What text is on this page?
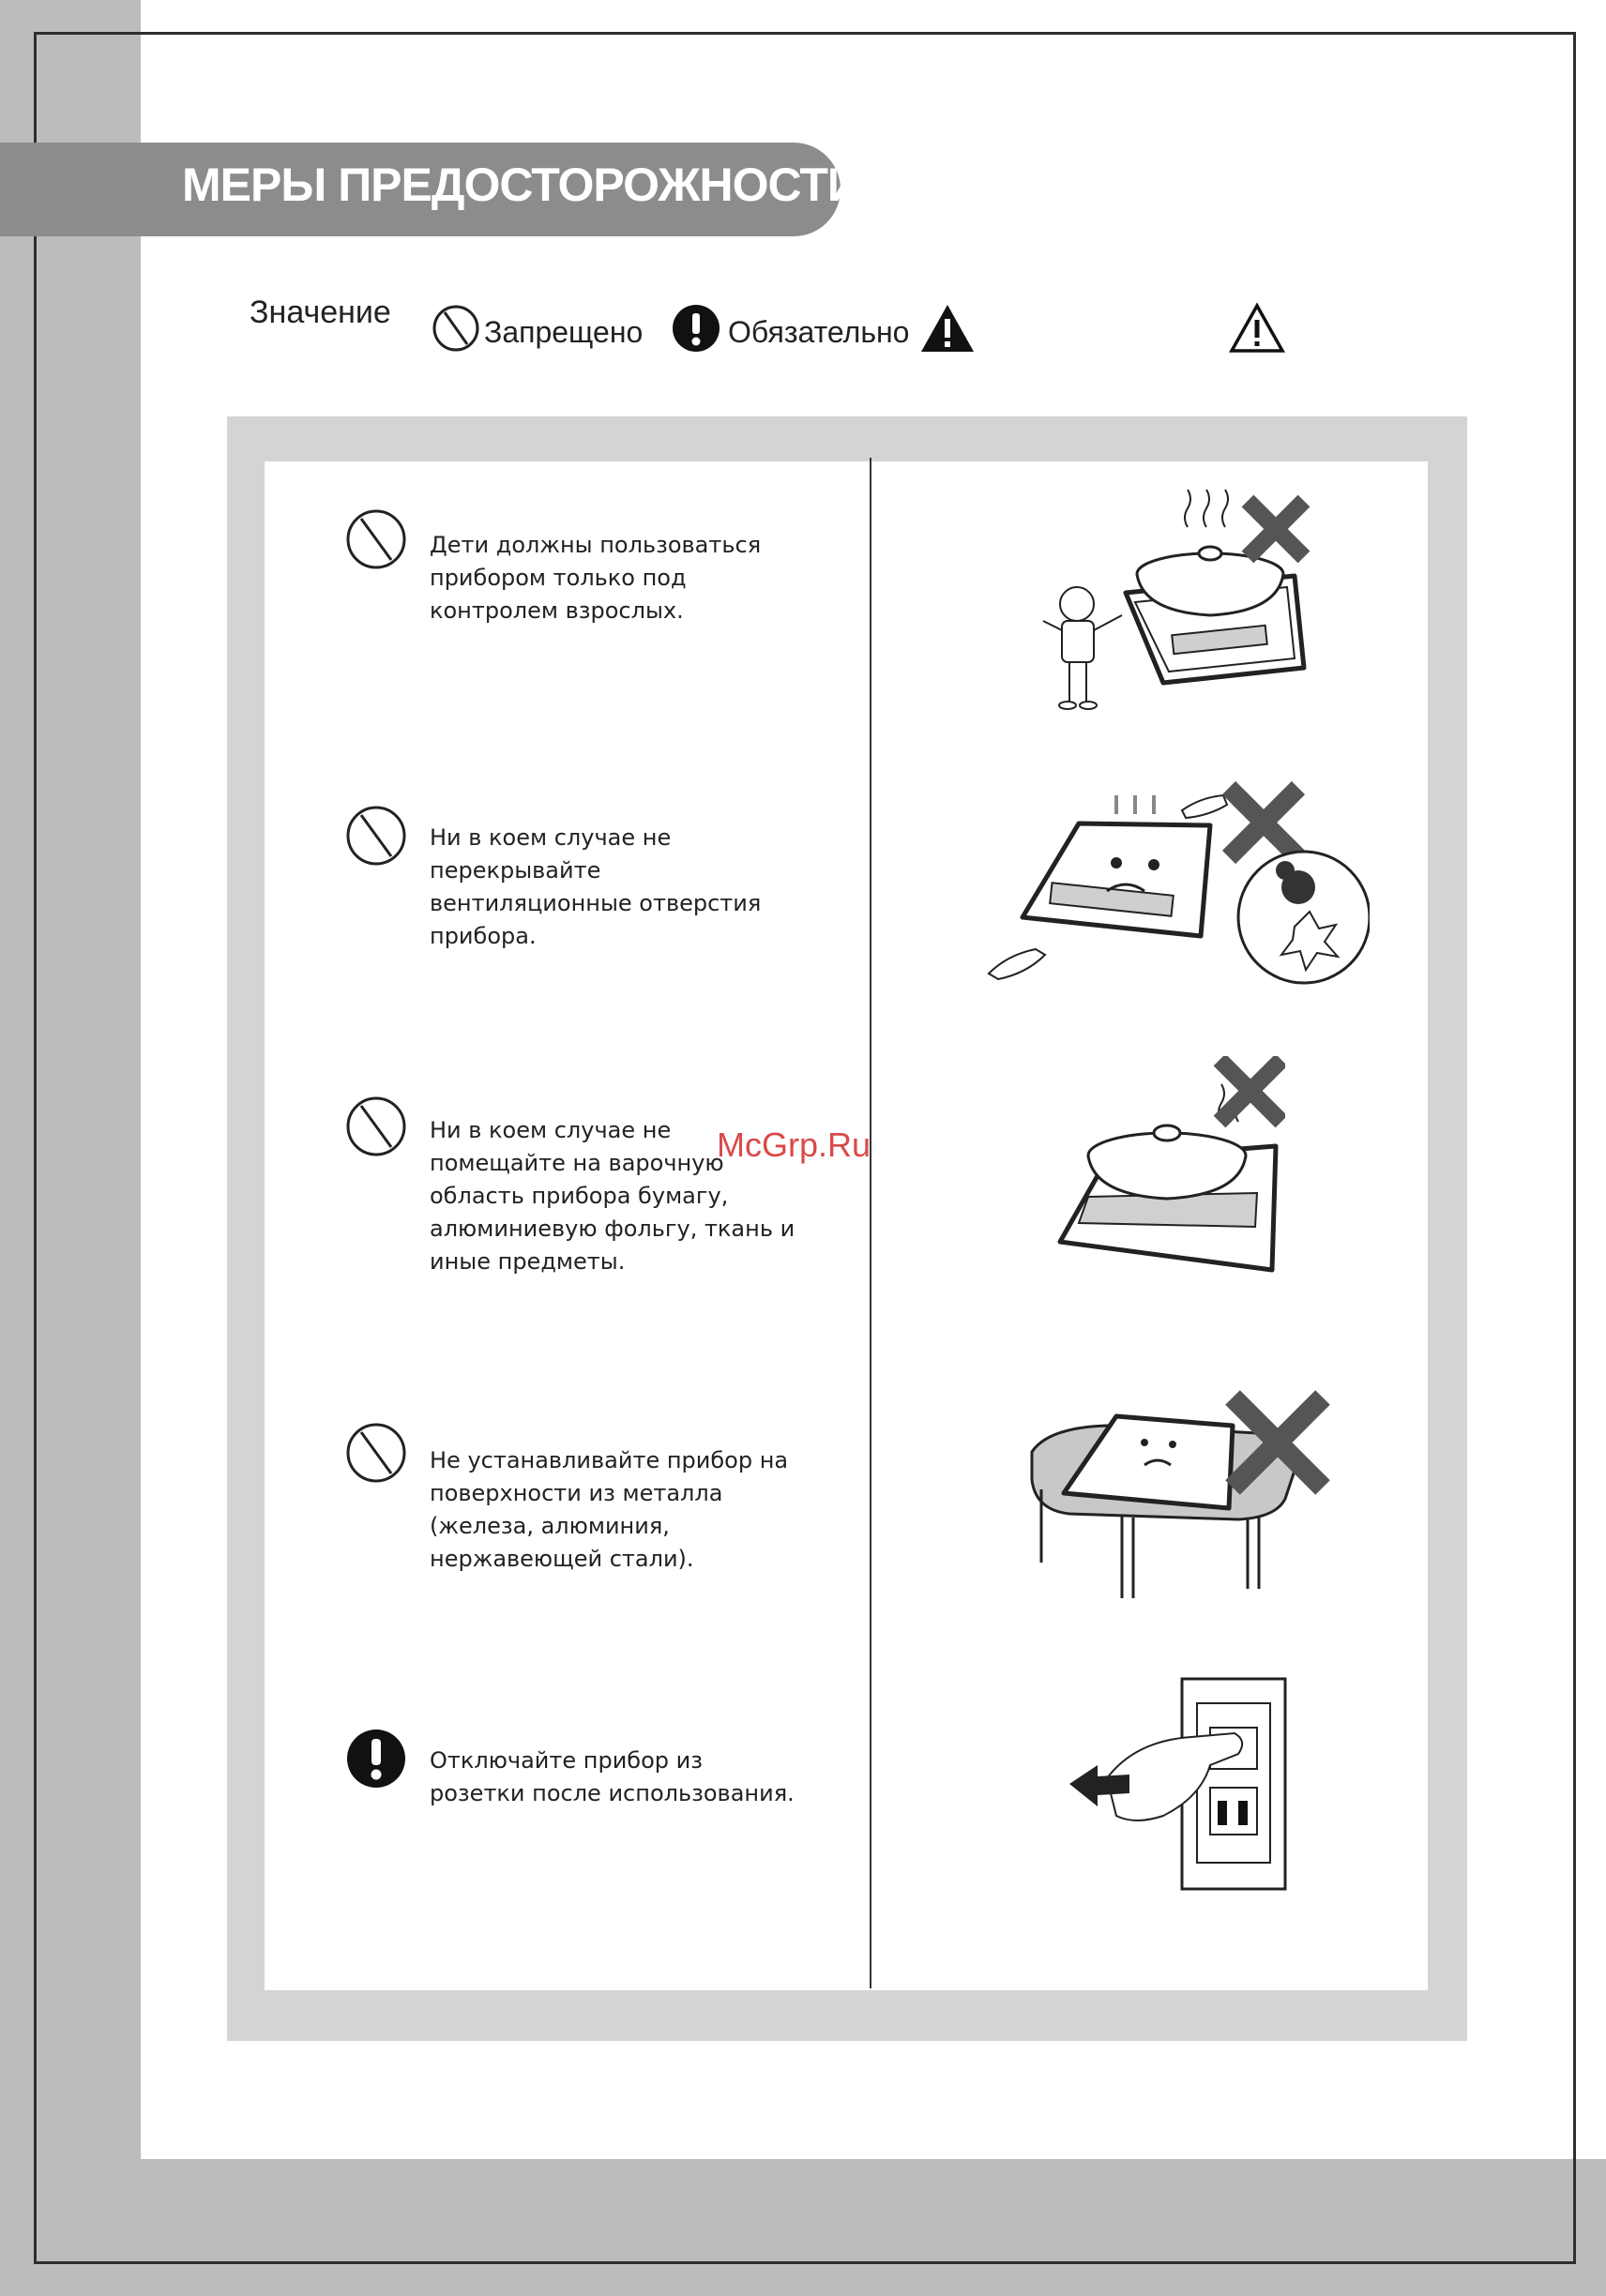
МЕРЫ ПРЕДОСТОРОЖНОСТИ
Значение
Запрещено	Обязательно
Дети должны пользоваться прибором только под контролем взрослых.
Ни в коем случае не перекрывайте вентиляционные отверстия прибора.
Ни в коем случае не помещайте на варочную область прибора бумагу, алюминиевую фольгу, ткань и иные предметы.
Не устанавливайте прибор на поверхности из металла (железа, алюминия, нержавеющей стали).
Отключайте прибор из розетки после использования.
McGrp.Ru
